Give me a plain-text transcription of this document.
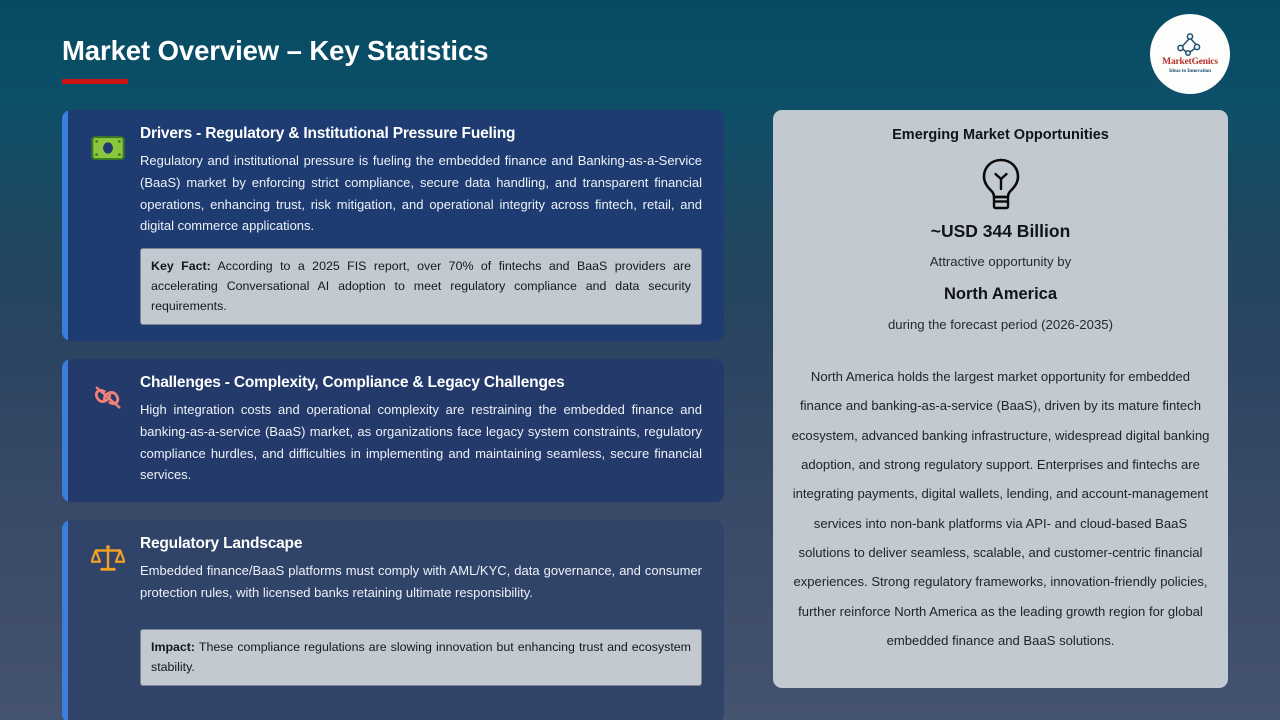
Market Overview – Key Statistics	MarketGenics
Ideas to Innovation
Drivers - Regulatory & Institutional Pressure Fueling
Regulatory and institutional pressure is fueling the embedded finance and Banking-as-a-Service (BaaS) market by enforcing strict compliance, secure data handling, and transparent financial operations, enhancing trust, risk mitigation, and operational integrity across fintech, retail, and digital commerce applications.
Key Fact: According to a 2025 FIS report, over 70% of fintechs and BaaS providers are accelerating Conversational AI adoption to meet regulatory compliance and data security requirements.
Challenges - Complexity, Compliance & Legacy Challenges
High integration costs and operational complexity are restraining the embedded finance and banking-as-a-service (BaaS) market, as organizations face legacy system constraints, regulatory compliance hurdles, and difficulties in implementing and maintaining seamless, secure financial services.
Regulatory Landscape
Embedded finance/BaaS platforms must comply with AML/KYC, data governance, and consumer protection rules, with licensed banks retaining ultimate responsibility.
Impact: These compliance regulations are slowing innovation but enhancing trust and ecosystem stability.
Emerging Market Opportunities
~USD 344 Billion
Attractive opportunity by
North America
during the forecast period (2026-2035)
North America holds the largest market opportunity for embedded finance and banking-as-a-service (BaaS), driven by its mature fintech ecosystem, advanced banking infrastructure, widespread digital banking adoption, and strong regulatory support. Enterprises and fintechs are integrating payments, digital wallets, lending, and account-management services into non-bank platforms via API- and cloud-based BaaS solutions to deliver seamless, scalable, and customer-centric financial experiences. Strong regulatory frameworks, innovation-friendly policies, further reinforce North America as the leading growth region for global embedded finance and BaaS solutions.
